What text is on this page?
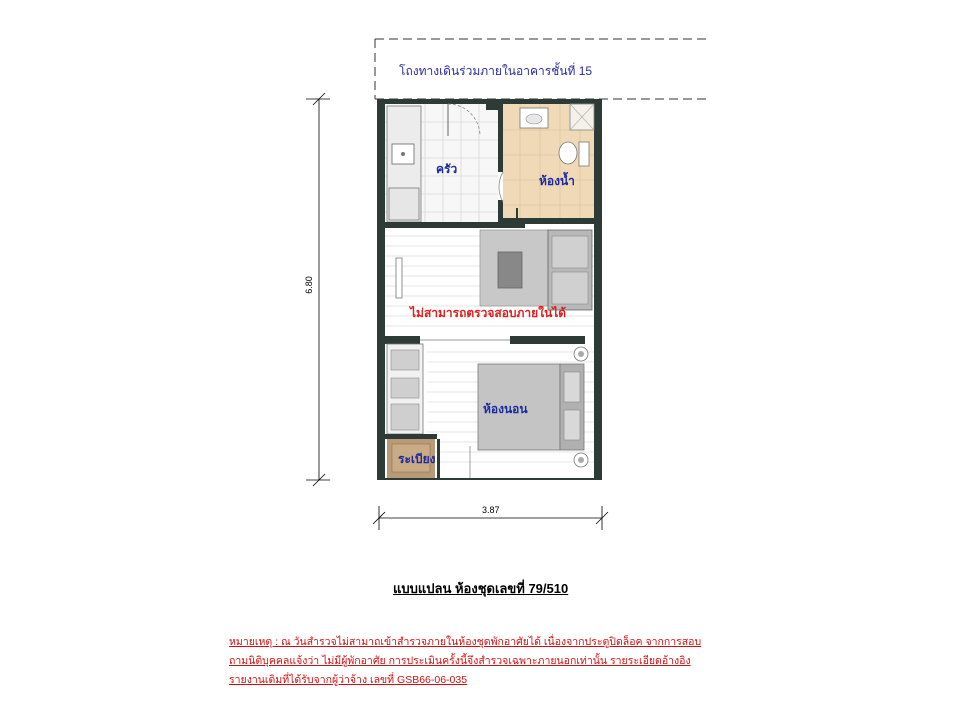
โถงทางเดินร่วมภายในอาคารชั้นที่ 15
ครัว
ห้องน้ำ
ไม่สามารถตรวจสอบภายในได้
ห้องนอน
ระเบียง
6.80
3.87
แบบแปลน ห้องชุดเลขที่ 79/510
หมายเหตุ : ณ วันสำรวจไม่สามาถเข้าสำรวจภายในห้องชุดพักอาศัยได้ เนื่องจากประตูปิดล็อค จากการสอบ
ถามนิติบุคคลแจ้งว่า ไม่มีผู้พักอาศัย การประเมินครั้งนี้จึงสำรวจเฉพาะภายนอกเท่านั้น รายระเอียดอ้างอิง
รายงานเดิมที่ได้รับจากผู้ว่าจ้าง เลขที่ GSB66-06-035
